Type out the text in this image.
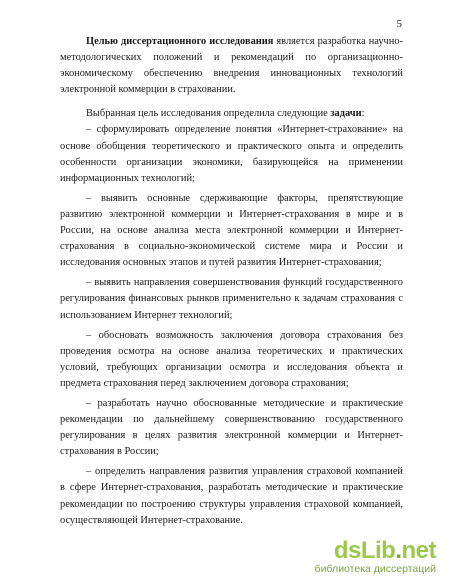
5

Целью диссертационного исследования является разработка научно-методологических положений и рекомендаций по организационно-экономическому обеспечению внедрения инновационных технологий электронной коммерции в страховании.

Выбранная цель исследования определила следующие задачи:

– сформулировать определение понятия «Интернет-страхование» на основе обобщения теоретического и практического опыта и определить особенности организации экономики, базирующейся на применении информационных технологий;

– выявить основные сдерживающие факторы, препятствующие развитию электронной коммерции и Интернет-страхования в мире и в России, на основе анализа места электронной коммерции и Интернет-страхования в социально-экономической системе мира и России и исследования основных этапов и путей развития Интернет-страхования;

– выявить направления совершенствования функций государственного регулирования финансовых рынков применительно к задачам страхования с использованием Интернет технологий;

– обосновать возможность заключения договора страхования без проведения осмотра на основе анализа теоретических и практических условий, требующих организации осмотра и исследования объекта и предмета страхования перед заключением договора страхования;

– разработать научно обоснованные методические и практические рекомендации по дальнейшему совершенствованию государственного регулирования в целях развития электронной коммерции и Интернет-страхования в России;

– определить направления развития управления страховой компанией в сфере Интернет-страхования, разработать методические и практические рекомендации по построению структуры управления страховой компанией, осуществляющей Интернет-страхование.

dsLib.net
библиотека диссертаций
